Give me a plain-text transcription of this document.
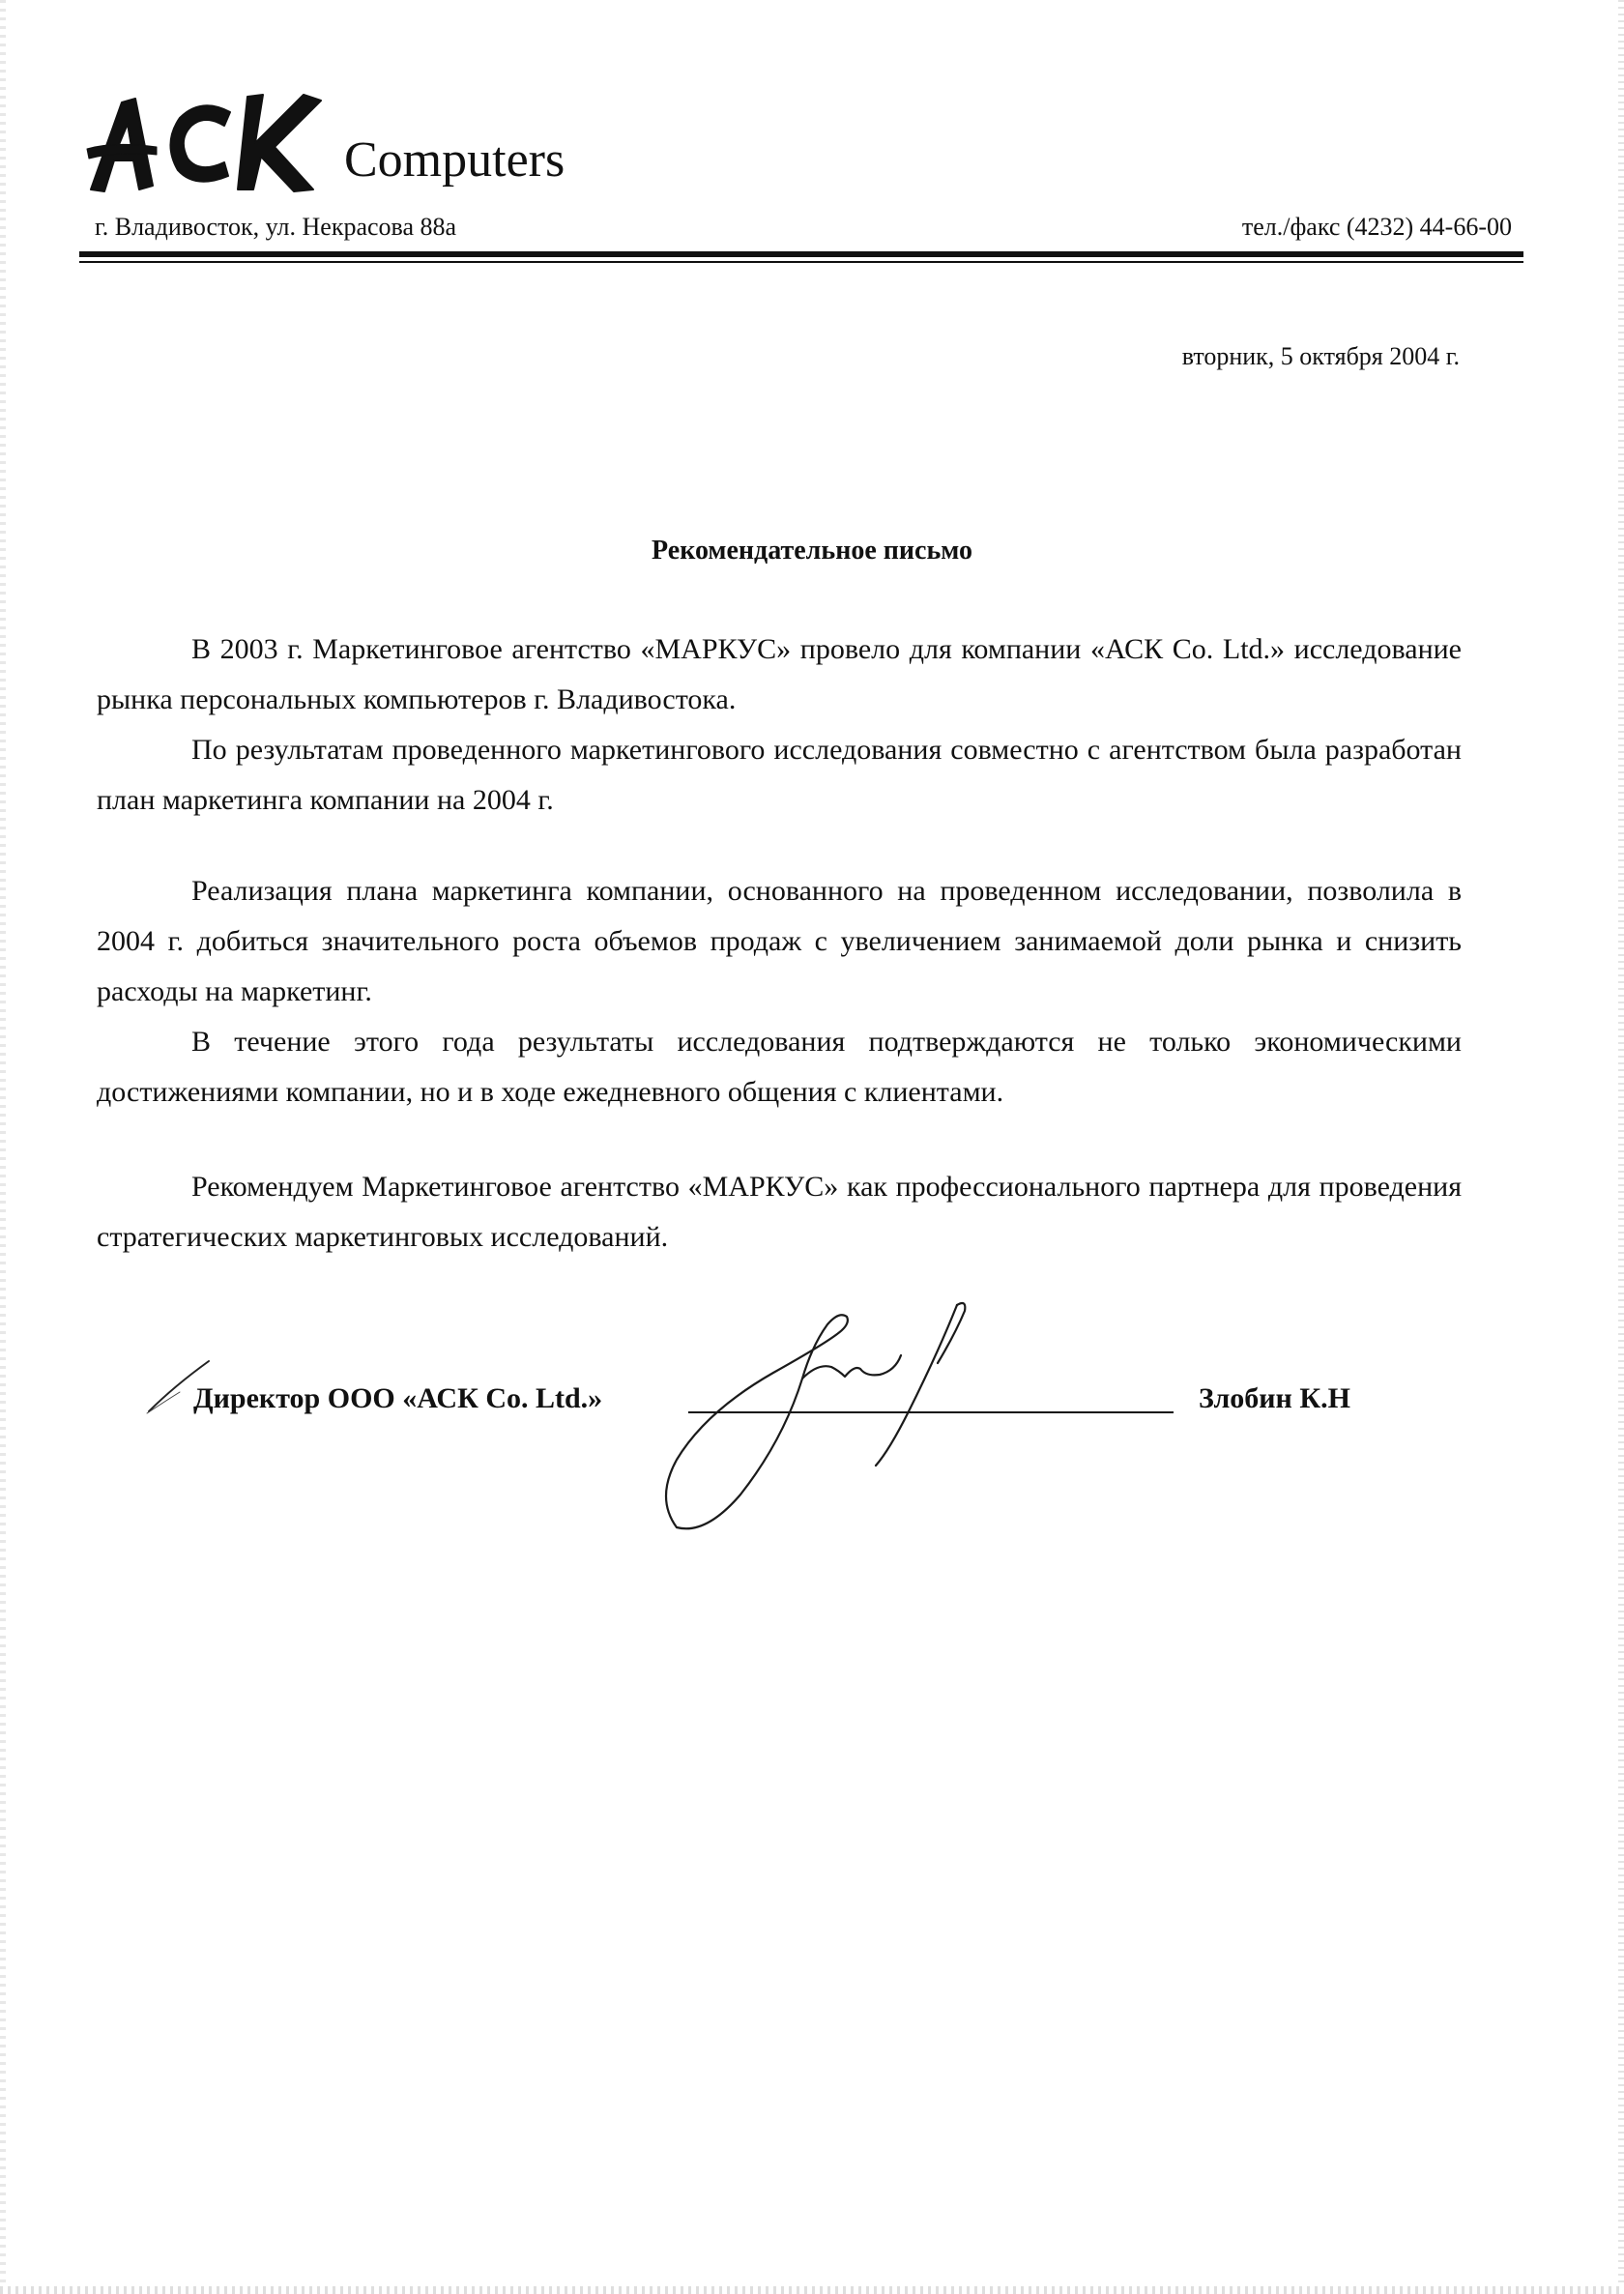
Computers
г. Владивосток, ул. Некрасова 88а	тел./факс (4232) 44-66-00
вторник, 5 октября 2004 г.
Рекомендательное письмо

В 2003 г. Маркетинговое агентство «МАРКУС» провело для компании «АСК Co. Ltd.» исследование рынка персональных компьютеров г. Владивостока.

По результатам проведенного маркетингового исследования совместно с агентством была разработан план маркетинга компании на 2004 г.

Реализация плана маркетинга компании, основанного на проведенном исследовании, позволила в 2004 г. добиться значительного роста объемов продаж с увеличением занимаемой доли рынка и снизить расходы на маркетинг.

В течение этого года результаты исследования подтверждаются не только экономическими достижениями компании, но и в ходе ежедневного общения с клиентами.

Рекомендуем Маркетинговое агентство «МАРКУС» как профессионального партнера для проведения стратегических маркетинговых исследований.

Директор ООО «АСК Co. Ltd.»	Злобин К.Н
